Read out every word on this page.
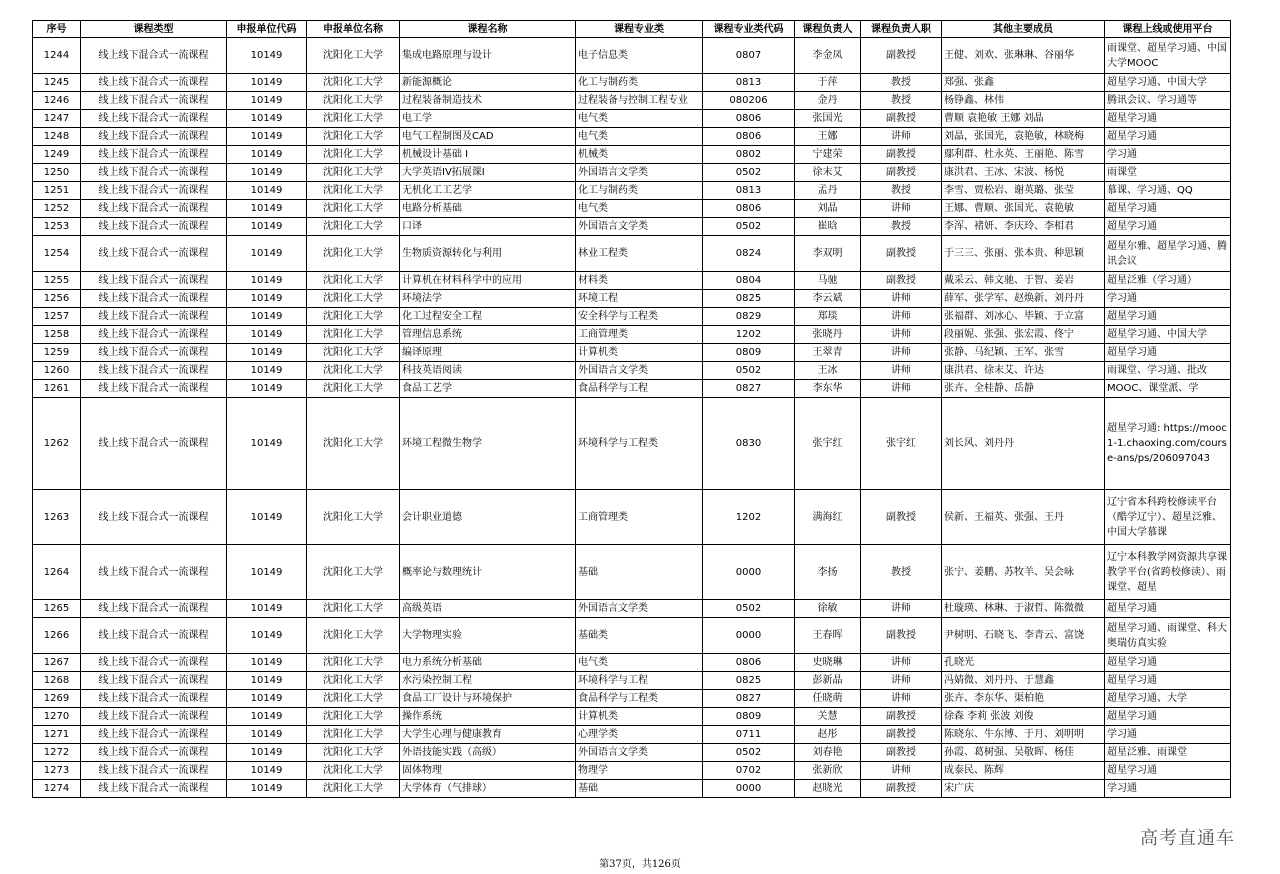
序号	课程类型	申报单位代码	申报单位名称	课程名称	课程专业类	课程专业类代码	课程负责人	课程负责人职	其他主要成员	课程上线或使用平台
1244	线上线下混合式一流课程	10149	沈阳化工大学	集成电路原理与设计	电子信息类	0807	李金凤	副教授	王健、刘欢、张琳琳、谷丽华	雨课堂、超星学习通、中国大学MOOC
1245	线上线下混合式一流课程	10149	沈阳化工大学	新能源概论	化工与制药类	0813	于萍	教授	郑强、张鑫	超星学习通、中国大学
1246	线上线下混合式一流课程	10149	沈阳化工大学	过程装备制造技术	过程装备与控制工程专业	080206	金丹	教授	杨铮鑫、林伟	腾讯会议、学习通等
1247	线上线下混合式一流课程	10149	沈阳化工大学	电工学	电气类	0806	张国光	副教授	曹顺 袁艳敏 王娜 刘晶	超星学习通
1248	线上线下混合式一流课程	10149	沈阳化工大学	电气工程制图及CAD	电气类	0806	王娜	讲师	刘晶，张国光，袁艳敏，林晓梅	超星学习通
1249	线上线下混合式一流课程	10149	沈阳化工大学	机械设计基础 I	机械类	0802	宁建荣	副教授	鄢利群、杜永英、王丽艳、陈雪	学习通
1250	线上线下混合式一流课程	10149	沈阳化工大学	大学英语IV拓展课I	外国语言文学类	0502	徐末艾	副教授	康洪君、王冰、宋波、杨悦	雨课堂
1251	线上线下混合式一流课程	10149	沈阳化工大学	无机化工工艺学	化工与制药类	0813	孟丹	教授	李雪、贾松岩、谢英璐、张莹	慕课、学习通、QQ
1252	线上线下混合式一流课程	10149	沈阳化工大学	电路分析基础	电气类	0806	刘晶	讲师	王娜、曹顺、张国光、袁艳敏	超星学习通
1253	线上线下混合式一流课程	10149	沈阳化工大学	口译	外国语言文学类	0502	崔晗	教授	李浑、褚妍、李庆玲、李相君	超星学习通
1254	线上线下混合式一流课程	10149	沈阳化工大学	生物质资源转化与利用	林业工程类	0824	李双明	副教授	于三三、张丽、张本贵、种思颖	超星尔雅、超星学习通、腾讯会议
1255	线上线下混合式一流课程	10149	沈阳化工大学	计算机在材料科学中的应用	材料类	0804	马驰	副教授	戴采云、韩文驰、于智、姜岩	超星泛雅（学习通）
1256	线上线下混合式一流课程	10149	沈阳化工大学	环境法学	环境工程	0825	李云斌	讲师	薛军、张学军、赵焕新、刘丹丹	学习通
1257	线上线下混合式一流课程	10149	沈阳化工大学	化工过程安全工程	安全科学与工程类	0829	郑琰	讲师	张福群、刘冰心、毕颖、于立富	超星学习通
1258	线上线下混合式一流课程	10149	沈阳化工大学	管理信息系统	工商管理类	1202	张晓丹	讲师	段丽妮、张强、张宏霞、佟宁	超星学习通、中国大学
1259	线上线下混合式一流课程	10149	沈阳化工大学	编译原理	计算机类	0809	王翠青	讲师	张静、马纪颖、王军、张雪	超星学习通
1260	线上线下混合式一流课程	10149	沈阳化工大学	科技英语阅读	外国语言文学类	0502	王冰	讲师	康洪君、徐末艾、许达	雨课堂、学习通、批改
1261	线上线下混合式一流课程	10149	沈阳化工大学	食品工艺学	食品科学与工程	0827	李东华	讲师	张卉、全桂静、岳静	MOOC、课堂派、学
1262	线上线下混合式一流课程	10149	沈阳化工大学	环境工程微生物学	环境科学与工程类	0830	张宇红	张宇红	刘长风、刘丹丹	超星学习通: https://mooc1-1.chaoxing.com/course-ans/ps/206097043
1263	线上线下混合式一流课程	10149	沈阳化工大学	会计职业道德	工商管理类	1202	满海红	副教授	侯新、王福英、张强、王丹	辽宁省本科跨校修读平台（酷学辽宁）、超星泛雅、中国大学慕课
1264	线上线下混合式一流课程	10149	沈阳化工大学	概率论与数理统计	基础	0000	李扬	教授	张宁、姜鹏、苏牧羊、吴会咏	辽宁本科教学网资源共享课教学平台(省跨校修读）、雨课堂、超星
1265	线上线下混合式一流课程	10149	沈阳化工大学	高级英语	外国语言文学类	0502	徐敏	讲师	杜璇瑛、林琳、于淑哲、陈微微	超星学习通
1266	线上线下混合式一流课程	10149	沈阳化工大学	大学物理实验	基础类	0000	王春晖	副教授	尹树明、石晓飞、李青云、富饶	超星学习通、雨课堂、科大奥瑞仿真实验
1267	线上线下混合式一流课程	10149	沈阳化工大学	电力系统分析基础	电气类	0806	史晓琳	讲师	孔晓光	超星学习通
1268	线上线下混合式一流课程	10149	沈阳化工大学	水污染控制工程	环境科学与工程	0825	彭新晶	讲师	冯婧微、刘丹丹、于慧鑫	超星学习通
1269	线上线下混合式一流课程	10149	沈阳化工大学	食品工厂设计与环境保护	食品科学与工程类	0827	任晓萌	讲师	张卉、李东华、渠柏艳	超星学习通、大学
1270	线上线下混合式一流课程	10149	沈阳化工大学	操作系统	计算机类	0809	关慧	副教授	徐森 李莉 张波 刘俊	超星学习通
1271	线上线下混合式一流课程	10149	沈阳化工大学	大学生心理与健康教育	心理学类	0711	赵彤	副教授	陈晓东、牛东博、于月、刘明明	学习通
1272	线上线下混合式一流课程	10149	沈阳化工大学	外语技能实践（高级）	外国语言文学类	0502	刘春艳	副教授	孙霞、葛树强、吴敬晖、杨佳	超星泛雅、雨课堂
1273	线上线下混合式一流课程	10149	沈阳化工大学	固体物理	物理学	0702	张新欣	讲师	成泰民、陈辉	超星学习通
1274	线上线下混合式一流课程	10149	沈阳化工大学	大学体育（气排球）	基础	0000	赵晓光	副教授	宋广庆	学习通
高考直通车
第37页，共126页
